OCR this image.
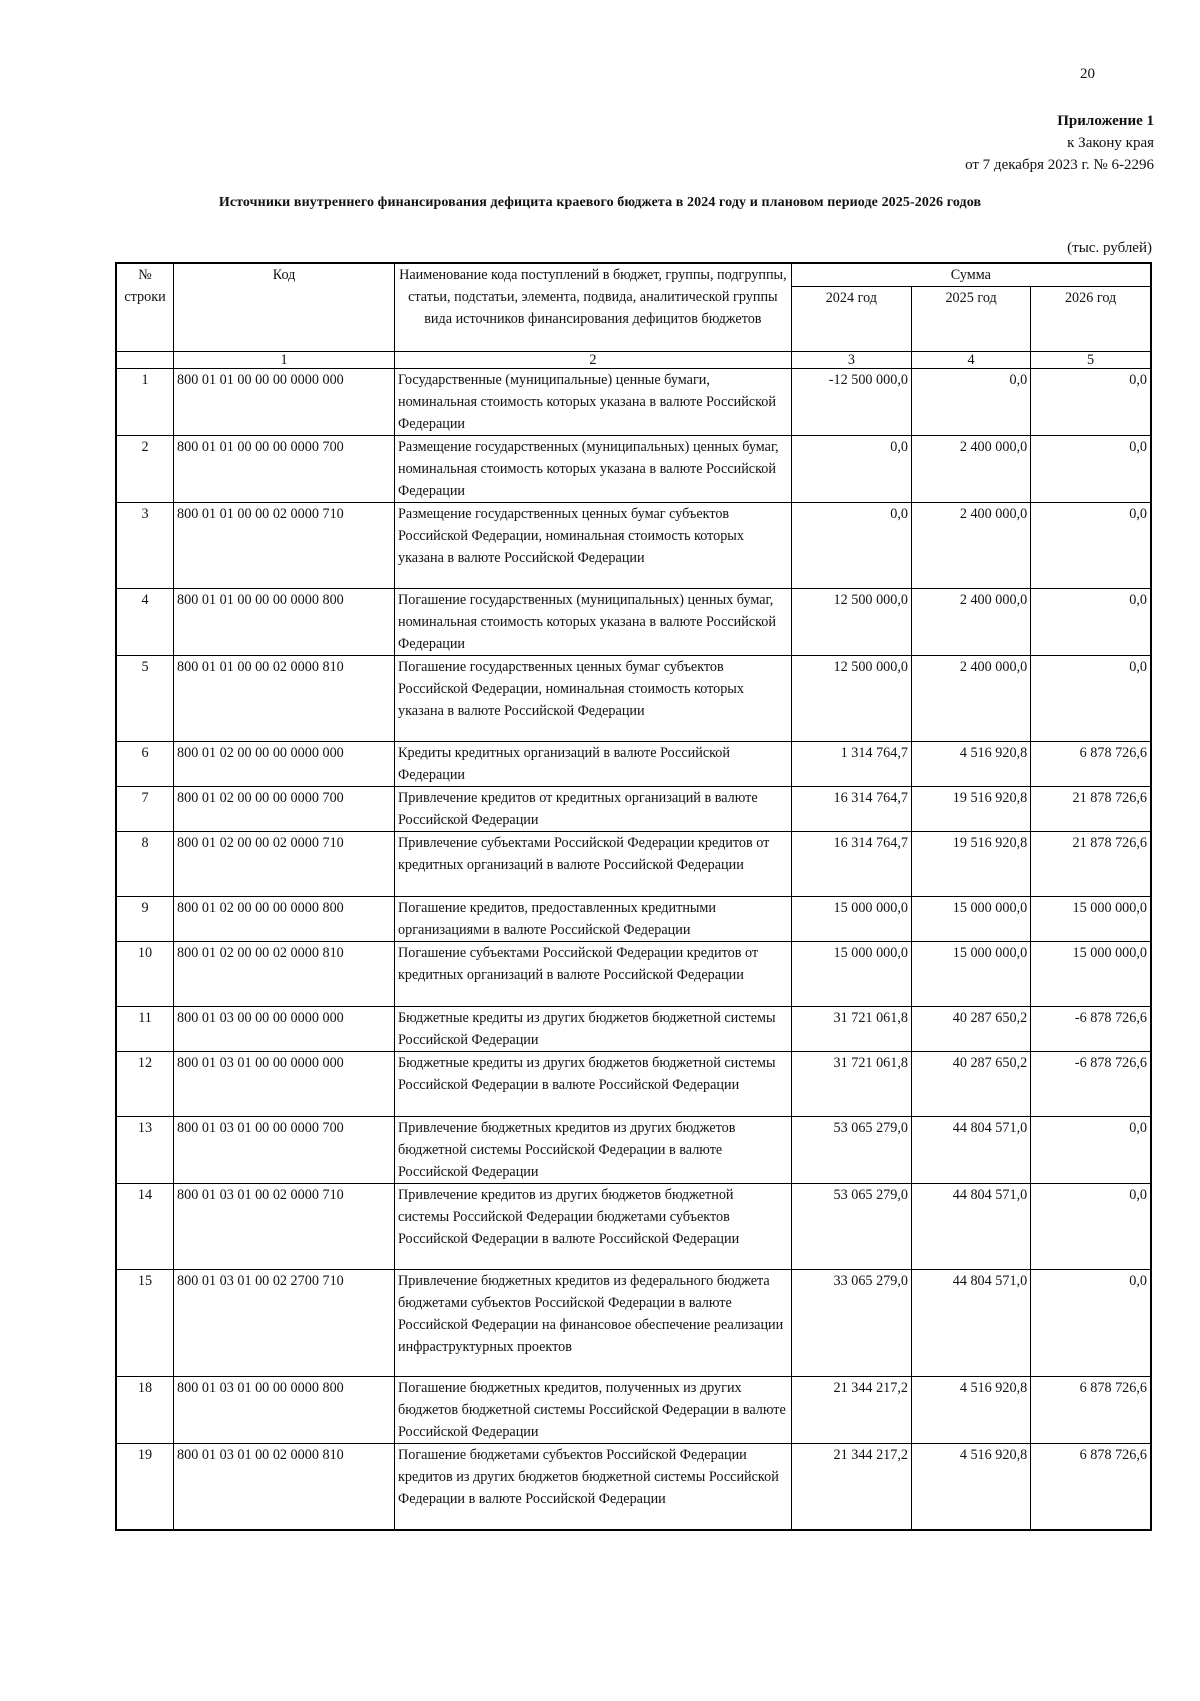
20
Приложение 1
к Закону края
от 7 декабря 2023 г. № 6-2296
Источники внутреннего финансирования дефицита краевого бюджета в 2024 году и плановом периоде 2025-2026 годов
(тыс. рублей)
№ строки	Код	Наименование кода поступлений в бюджет, группы, подгруппы, статьи, подстатьи, элемента, подвида, аналитической группы вида источников финансирования дефицитов бюджетов	Сумма		
			2024 год	2025 год	2026 год
	1	2	3	4	5
1	800 01 01 00 00 00 0000 000	Государственные (муниципальные) ценные бумаги, номинальная стоимость которых указана в валюте Российской Федерации	-12 500 000,0	0,0	0,0
2	800 01 01 00 00 00 0000 700	Размещение государственных (муниципальных) ценных бумаг, номинальная стоимость которых указана в валюте Российской Федерации	0,0	2 400 000,0	0,0
3	800 01 01 00 00 02 0000 710	Размещение государственных ценных бумаг субъектов Российской Федерации, номинальная стоимость которых указана в валюте Российской Федерации	0,0	2 400 000,0	0,0
4	800 01 01 00 00 00 0000 800	Погашение государственных (муниципальных) ценных бумаг, номинальная стоимость которых указана в валюте Российской Федерации	12 500 000,0	2 400 000,0	0,0
5	800 01 01 00 00 02 0000 810	Погашение государственных ценных бумаг субъектов Российской Федерации, номинальная стоимость которых указана в валюте Российской Федерации	12 500 000,0	2 400 000,0	0,0
6	800 01 02 00 00 00 0000 000	Кредиты кредитных организаций в валюте Российской Федерации	1 314 764,7	4 516 920,8	6 878 726,6
7	800 01 02 00 00 00 0000 700	Привлечение кредитов от кредитных организаций в валюте Российской Федерации	16 314 764,7	19 516 920,8	21 878 726,6
8	800 01 02 00 00 02 0000 710	Привлечение субъектами Российской Федерации кредитов от кредитных организаций в валюте Российской Федерации	16 314 764,7	19 516 920,8	21 878 726,6
9	800 01 02 00 00 00 0000 800	Погашение кредитов, предоставленных кредитными организациями в валюте Российской Федерации	15 000 000,0	15 000 000,0	15 000 000,0
10	800 01 02 00 00 02 0000 810	Погашение субъектами Российской Федерации кредитов от кредитных организаций в валюте Российской Федерации	15 000 000,0	15 000 000,0	15 000 000,0
11	800 01 03 00 00 00 0000 000	Бюджетные кредиты из других бюджетов бюджетной системы Российской Федерации	31 721 061,8	40 287 650,2	-6 878 726,6
12	800 01 03 01 00 00 0000 000	Бюджетные кредиты из других бюджетов бюджетной системы Российской Федерации в валюте Российской Федерации	31 721 061,8	40 287 650,2	-6 878 726,6
13	800 01 03 01 00 00 0000 700	Привлечение бюджетных кредитов из других бюджетов бюджетной системы Российской Федерации в валюте Российской Федерации	53 065 279,0	44 804 571,0	0,0
14	800 01 03 01 00 02 0000 710	Привлечение кредитов из других бюджетов бюджетной системы Российской Федерации бюджетами субъектов Российской Федерации в валюте Российской Федерации	53 065 279,0	44 804 571,0	0,0
15	800 01 03 01 00 02 2700 710	Привлечение бюджетных кредитов из федерального бюджета бюджетами субъектов Российской Федерации в валюте Российской Федерации на финансовое обеспечение реализации инфраструктурных проектов	33 065 279,0	44 804 571,0	0,0
18	800 01 03 01 00 00 0000 800	Погашение бюджетных кредитов, полученных из других бюджетов бюджетной системы Российской Федерации в валюте Российской Федерации	21 344 217,2	4 516 920,8	6 878 726,6
19	800 01 03 01 00 02 0000 810	Погашение бюджетами субъектов Российской Федерации кредитов из других бюджетов бюджетной системы Российской Федерации в валюте Российской Федерации	21 344 217,2	4 516 920,8	6 878 726,6
